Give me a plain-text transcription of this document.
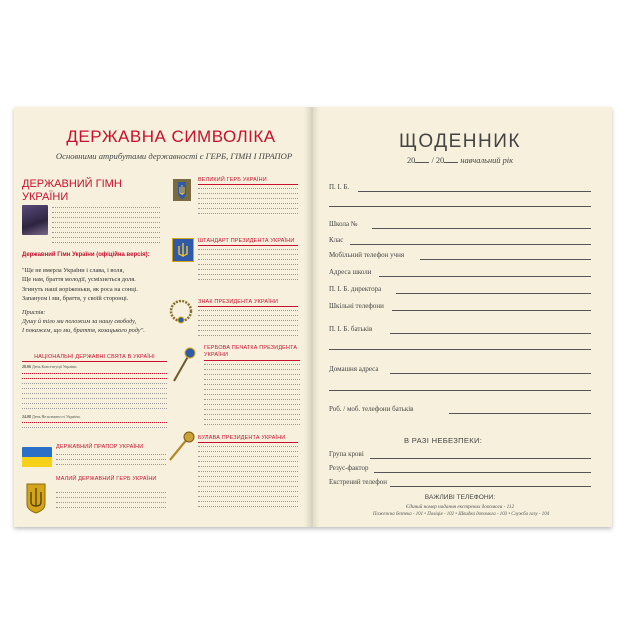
ДЕРЖАВНА СИМВОЛІКА
Основними атрибутами державності є ГЕРБ, ГІМН І ПРАПОР
ДЕРЖАВНИЙ ГІМН УКРАЇНИ
Державний Гімн України (офіційна версія):
"Ще не вмерла України і слава, і воля,
Ще нам, браття молодії, усміхнеться доля.
Згинуть наші воріженьки, як роса на сонці.
Запануєм і ми, браття, у своїй сторонці.
Приспів:
Душу й тіло ми положим за нашу свободу,
І покажем, що ми, браття, козацького роду".
НАЦІОНАЛЬНІ ДЕРЖАВНІ СВЯТА В УКРАЇНІ
28.06 День Конституції України.
24.08 День Незалежності України.
ДЕРЖАВНИЙ ПРАПОР УКРАЇНИ
МАЛИЙ ДЕРЖАВНИЙ ГЕРБ УКРАЇНИ
ВЕЛИКИЙ ГЕРБ УКРАЇНИ
ШТАНДАРТ ПРЕЗИДЕНТА УКРАЇНИ
ЗНАК ПРЕЗИДЕНТА УКРАЇНИ
ГЕРБОВА ПЕЧАТКА ПРЕЗИДЕНТА УКРАЇНИ
БУЛАВА ПРЕЗИДЕНТА УКРАЇНИ
ЩОДЕННИК
20 / 20 навчальний рік
П. І. Б.
Школа №
Клас
Мобільний телефон учня
Адреса школи
П. І. Б. директора
Шкільні телефони
П. І. Б. батьків
Домашня адреса
Роб. / моб. телефони батьків
В РАЗІ НЕБЕЗПЕКИ:
Група крові
Резус-фактор
Екстрений телефон
ВАЖЛИВІ ТЕЛЕФОНИ:
Єдиний номер надання екстрених допомоги - 112
Пожежна безпека - 101 • Поліція - 102 • Швидка допомога - 103 • Служба газу - 104
